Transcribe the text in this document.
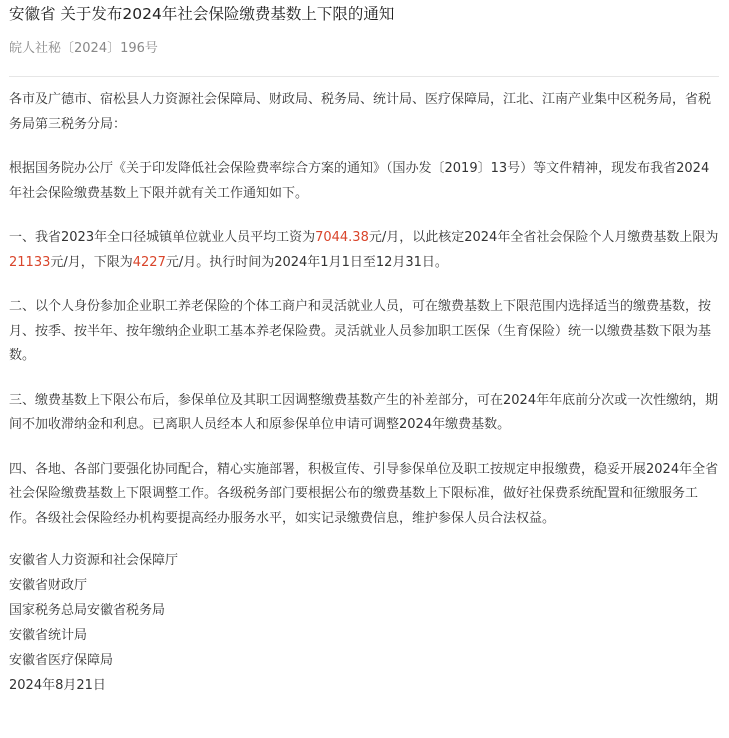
安徽省 关于发布2024年社会保险缴费基数上下限的通知
皖人社秘〔2024〕196号

各市及广德市、宿松县人力资源社会保障局、财政局、税务局、统计局、医疗保障局，江北、江南产业集中区税务局，省税务局第三税务分局：

根据国务院办公厅《关于印发降低社会保险费率综合方案的通知》（国办发〔2019〕13号）等文件精神，现发布我省2024年社会保险缴费基数上下限并就有关工作通知如下。

一、我省2023年全口径城镇单位就业人员平均工资为7044.38元/月，以此核定2024年全省社会保险个人月缴费基数上限为21133元/月，下限为4227元/月。执行时间为2024年1月1日至12月31日。

二、以个人身份参加企业职工养老保险的个体工商户和灵活就业人员，可在缴费基数上下限范围内选择适当的缴费基数，按月、按季、按半年、按年缴纳企业职工基本养老保险费。灵活就业人员参加职工医保（生育保险）统一以缴费基数下限为基数。

三、缴费基数上下限公布后，参保单位及其职工因调整缴费基数产生的补差部分，可在2024年年底前分次或一次性缴纳，期间不加收滞纳金和利息。已离职人员经本人和原参保单位申请可调整2024年缴费基数。

四、各地、各部门要强化协同配合，精心实施部署，积极宣传、引导参保单位及职工按规定申报缴费，稳妥开展2024年全省社会保险缴费基数上下限调整工作。各级税务部门要根据公布的缴费基数上下限标准，做好社保费系统配置和征缴服务工作。各级社会保险经办机构要提高经办服务水平，如实记录缴费信息，维护参保人员合法权益。

安徽省人力资源和社会保障厅
安徽省财政厅
国家税务总局安徽省税务局
安徽省统计局
安徽省医疗保障局
2024年8月21日
